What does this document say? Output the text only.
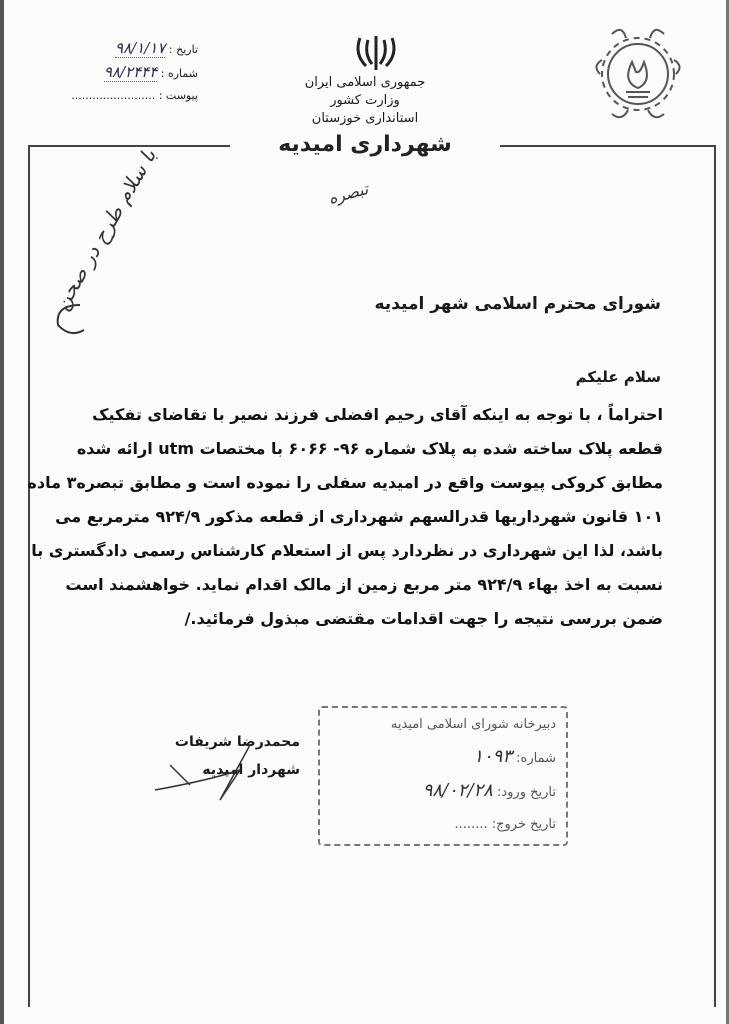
تاریخ : ۹۸/۱/۱۷
شماره : ۹۸/۲۴۴۴
پیوست : ........................
جمهوری اسلامی ایران
وزارت کشور
استانداری خوزستان
شهرداری امیدیه
با سلام طرح در صحن	تبصره
شورای محترم اسلامی شهر امیدیه
سلام علیکم
احتراماً ، با توجه به اینکه آقای رحیم افضلی فرزند نصیر با تقاضای تفکیک
قطعه پلاک ساخته شده به پلاک شماره ۹۶- ۶۰۶۶ با مختصات utm ارائه شده
مطابق کروکی پیوست واقع در امیدیه سفلی را نموده است و مطابق تبصره۳ ماده
۱۰۱ قانون شهرداریها قدرالسهم شهرداری از قطعه مذکور ۹۲۴/۹ مترمربع می
باشد، لذا این شهرداری در نظردارد پس از استعلام کارشناس رسمی دادگستری با
نسبت به اخذ بهاء ۹۲۴/۹ متر مربع زمین از مالک اقدام نماید. خواهشمند است
ضمن بررسی نتیجه را جهت اقدامات مقتضی مبذول فرمائید./
محمدرضا شریفات
شهردار امیدیه
دبیرخانه شورای اسلامی امیدیه
شماره: ۱۰۹۳
تاریخ ورود: ۹۸/۰۲/۲۸
تاریخ خروج: ........
